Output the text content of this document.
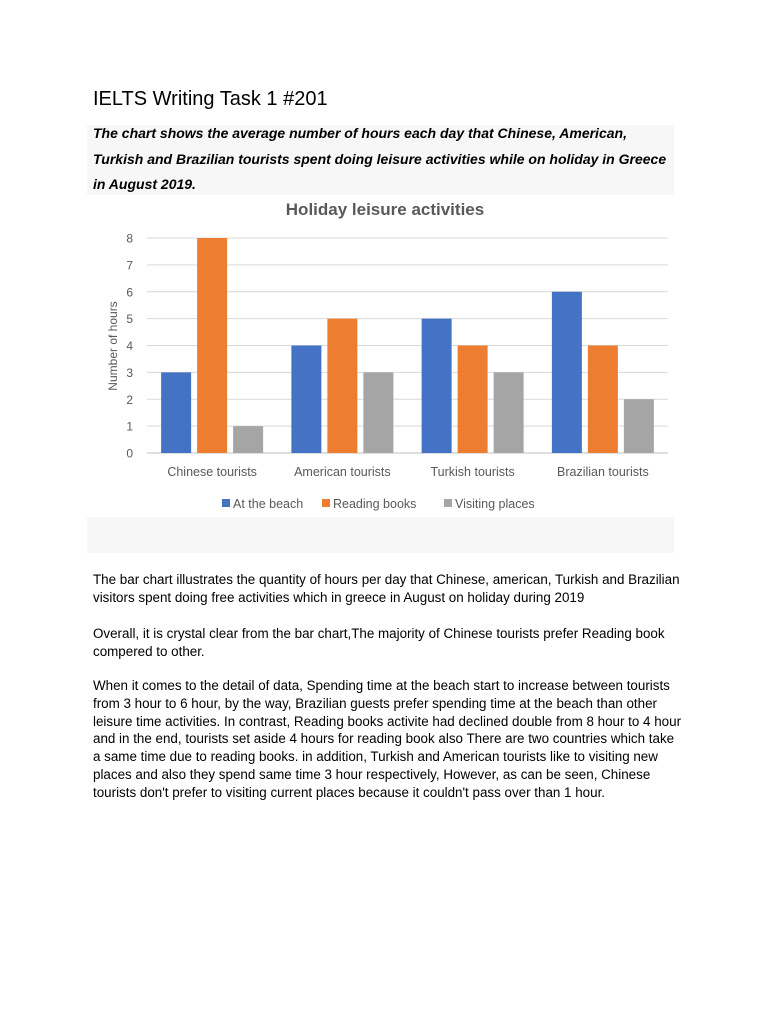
IELTS Writing Task 1 #201

The chart shows the average number of hours each day that Chinese, American, Turkish and Brazilian tourists spent doing leisure activities while on holiday in Greece in August 2019.

Holiday leisure activities
0
1
2
3
4
5
6
7
8
Number of hours
Chinese tourists	American tourists	Turkish tourists	Brazilian tourists
At the beach Reading books	Visiting places

The bar chart illustrates the quantity of hours per day that Chinese, american, Turkish and Brazilian visitors spent doing free activities which in greece in August on holiday during 2019

Overall, it is crystal clear from the bar chart,The majority of Chinese tourists prefer Reading book compered to other.

When it comes to the detail of data, Spending time at the beach start to increase between tourists from 3 hour to 6 hour, by the way, Brazilian guests prefer spending time at the beach than other leisure time activities. In contrast, Reading books activite had declined double from 8 hour to 4 hour and in the end, tourists set aside 4 hours for reading book also There are two countries which take a same time due to reading books. in addition, Turkish and American tourists like to visiting new places and also they spend same time 3 hour respectively, However, as can be seen, Chinese tourists don't prefer to visiting current places because it couldn't pass over than 1 hour.
